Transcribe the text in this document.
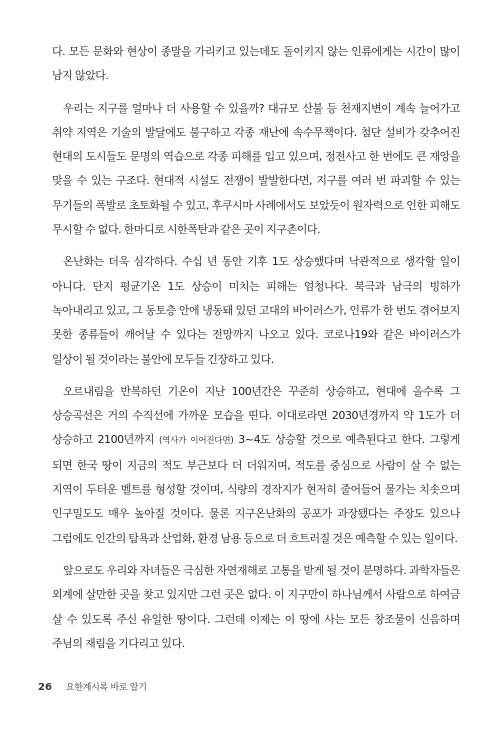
다. 모든 문화와 현상이 종말을 가리키고 있는데도 돌이키지 않는 인류에게는 시간이 많이 남지 않았다.

우리는 지구를 얼마나 더 사용할 수 있을까? 대규모 산불 등 천재지변이 계속 늘어가고 취약 지역은 기술의 발달에도 불구하고 각종 재난에 속수무책이다. 첨단 설비가 갖추어진 현대의 도시들도 문명의 역습으로 각종 피해를 입고 있으며, 정전사고 한 번에도 큰 재앙을 맞을 수 있는 구조다. 현대적 시설도 전쟁이 발발한다면, 지구를 여러 번 파괴할 수 있는 무기들의 폭발로 초토화될 수 있고, 후쿠시마 사례에서도 보았듯이 원자력으로 인한 피해도 무시할 수 없다. 한마디로 시한폭탄과 같은 곳이 지구촌이다.

온난화는 더욱 심각하다. 수십 년 동안 기후 1도 상승했다며 낙관적으로 생각할 일이 아니다. 단지 평균기온 1도 상승이 미치는 피해는 엄청나다. 북극과 남극의 빙하가 녹아내리고 있고, 그 동토층 안에 냉동돼 있던 고대의 바이러스가, 인류가 한 번도 겪어보지 못한 종류들이 깨어날 수 있다는 전망까지 나오고 있다. 코로나19와 같은 바이러스가 일상이 될 것이라는 불안에 모두들 긴장하고 있다.

오르내림을 반복하던 기온이 지난 100년간은 꾸준히 상승하고, 현대에 올수록 그 상승곡선은 거의 수직선에 가까운 모습을 띤다. 이대로라면 2030년경까지 약 1도가 더 상승하고 2100년까지 (역사가 이어진다면) 3~4도 상승할 것으로 예측된다고 한다. 그렇게 되면 한국 땅이 지금의 적도 부근보다 더 더워지며, 적도를 중심으로 사람이 살 수 없는 지역이 두터운 벨트를 형성할 것이며, 식량의 경작지가 현저히 줄어들어 물가는 치솟으며 인구밀도도 매우 높아질 것이다. 물론 지구온난화의 공포가 과장됐다는 주장도 있으나 그럼에도 인간의 탐욕과 산업화, 환경 남용 등으로 더 흐트러질 것은 예측할 수 있는 일이다.

앞으로도 우리와 자녀들은 극심한 자연재해로 고통을 받게 될 것이 분명하다. 과학자들은 외계에 살만한 곳을 찾고 있지만 그런 곳은 없다. 이 지구만이 하나님께서 사람으로 하여금 살 수 있도록 주신 유일한 땅이다. 그런데 이제는 이 땅에 사는 모든 창조물이 신음하며 주님의 재림을 기다리고 있다.

26 요한계시록 바로 알기
